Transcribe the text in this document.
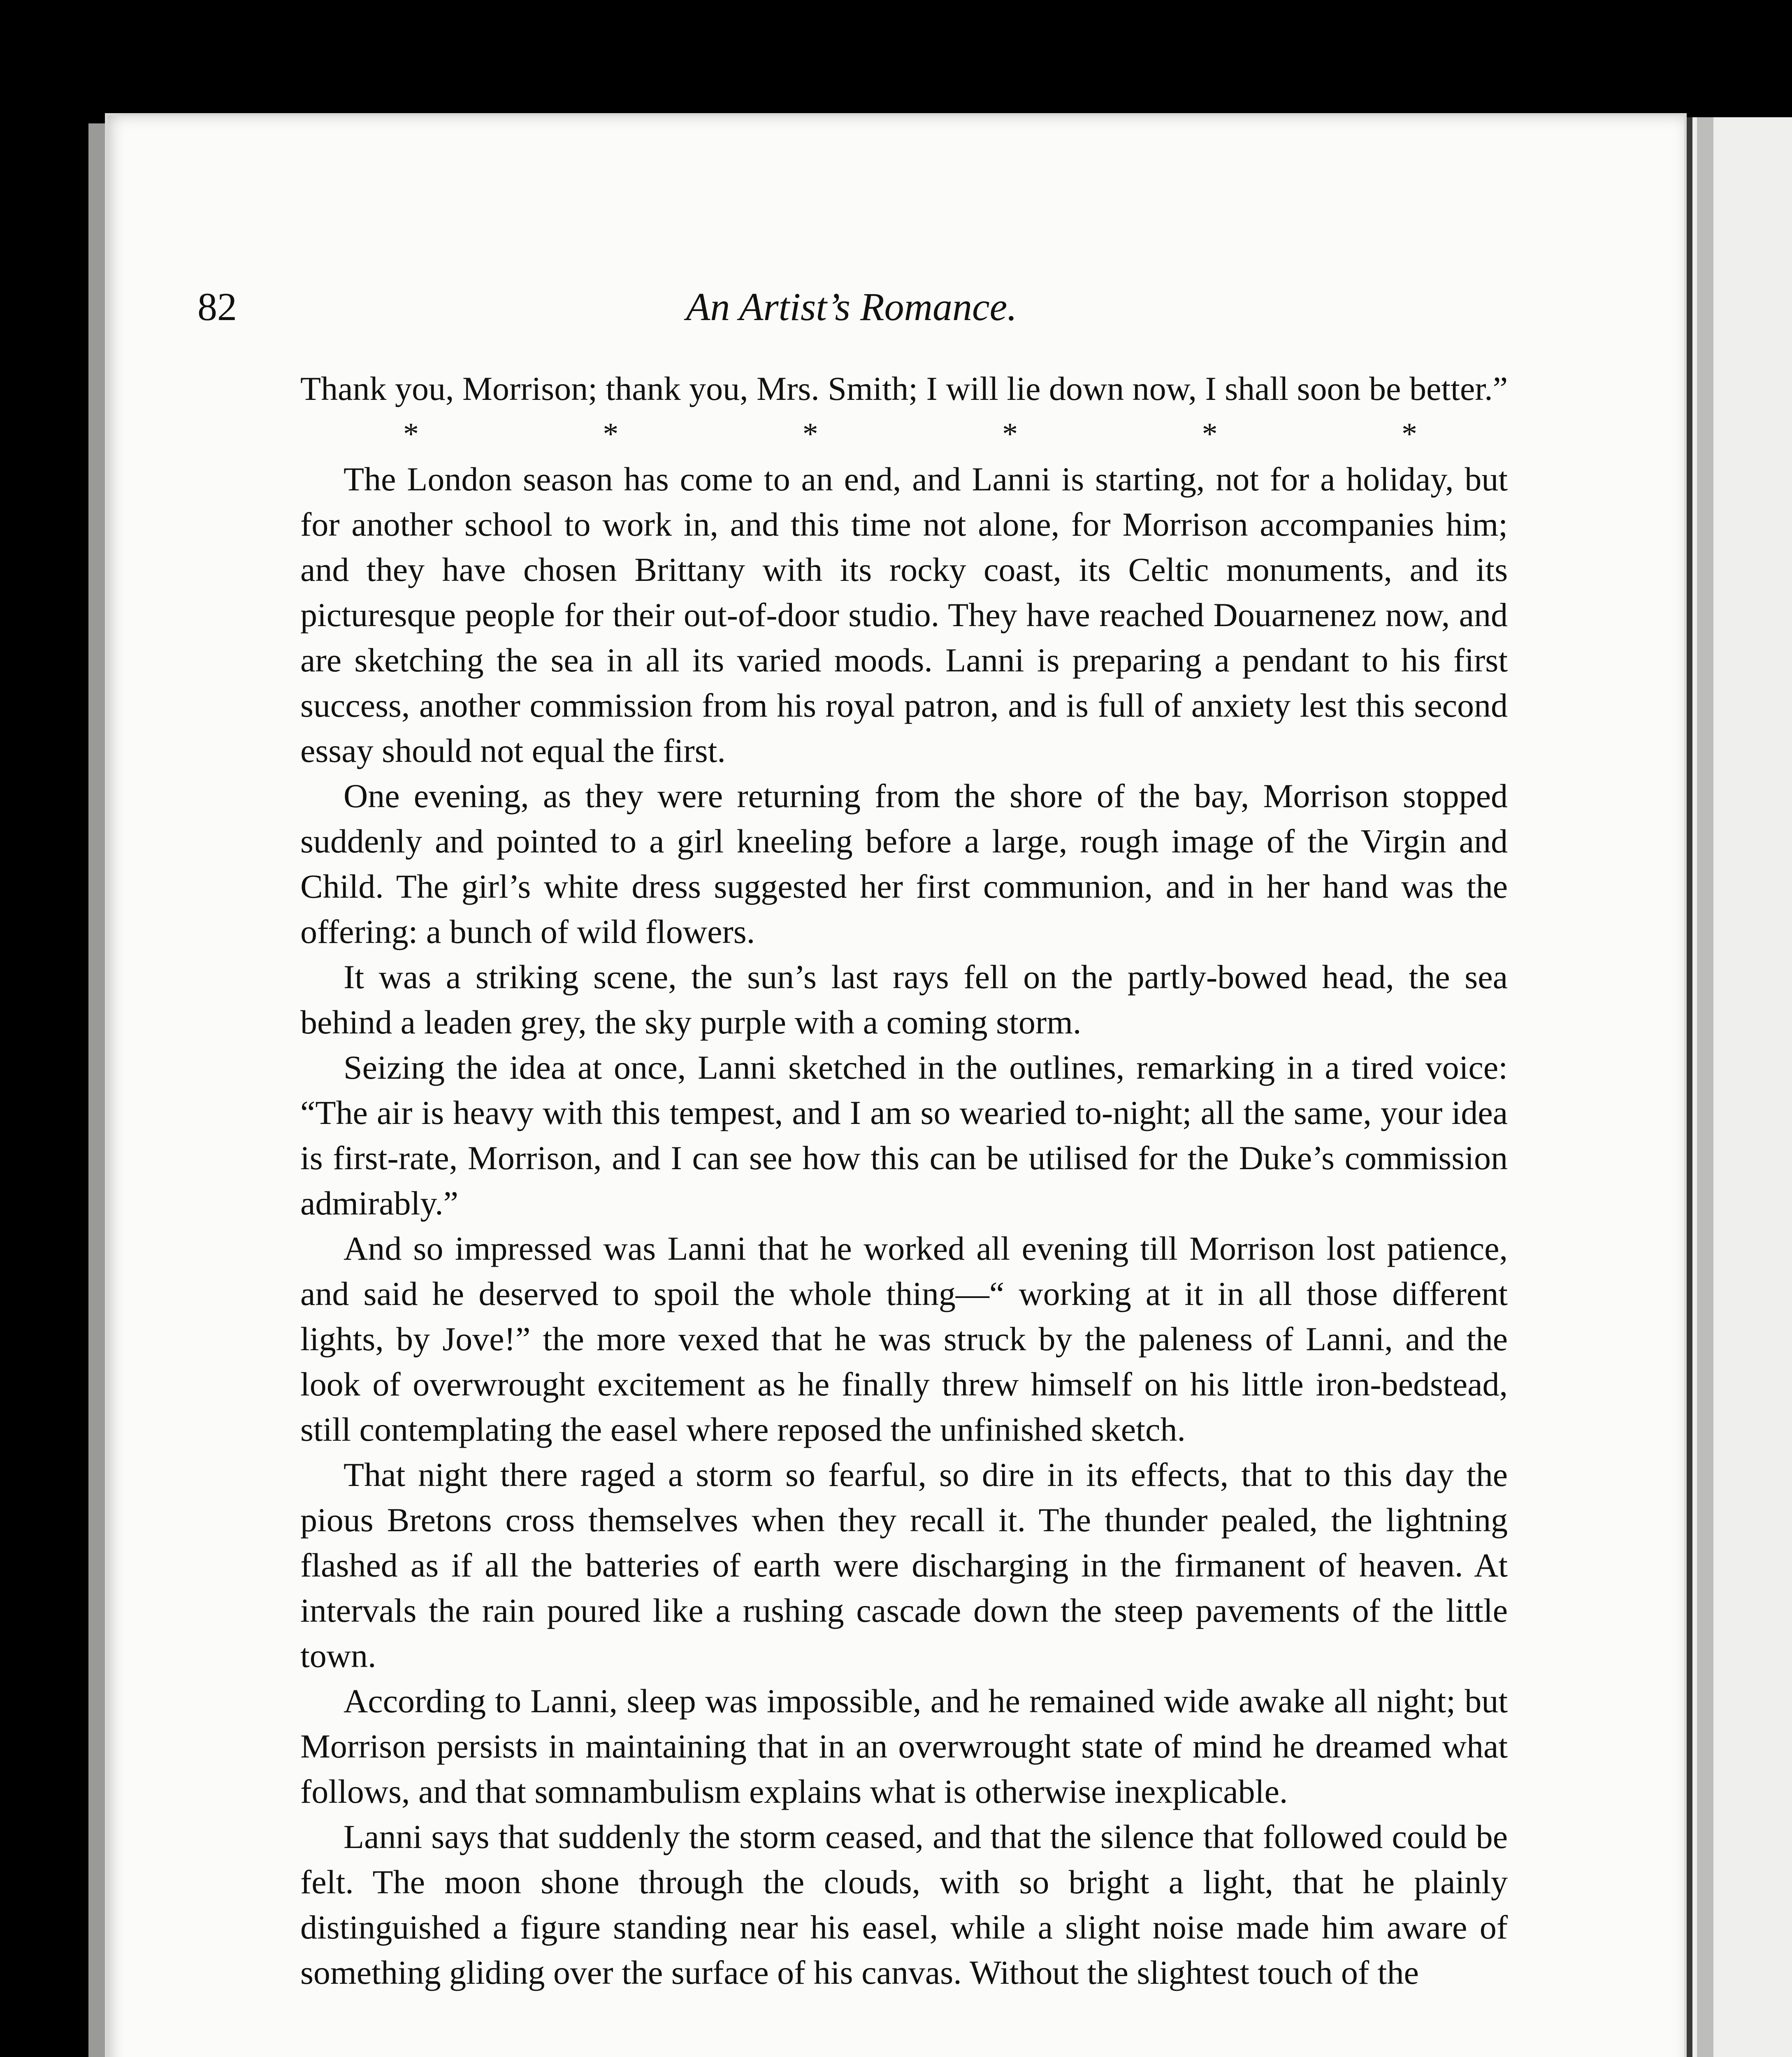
82	An Artist’s Romance.

Thank you, Morrison; thank you, Mrs. Smith; I will lie down now, I shall soon be better.”

*	*	*	*	*	*

The London season has come to an end, and Lanni is starting, not for a holiday, but for another school to work in, and this time not alone, for Morrison accompanies him; and they have chosen Brittany with its rocky coast, its Celtic monuments, and its picturesque people for their out-of-door studio. They have reached Douarnenez now, and are sketching the sea in all its varied moods. Lanni is preparing a pendant to his first success, another commission from his royal patron, and is full of anxiety lest this second essay should not equal the first.

One evening, as they were returning from the shore of the bay, Morrison stopped suddenly and pointed to a girl kneeling before a large, rough image of the Virgin and Child. The girl’s white dress suggested her first communion, and in her hand was the offering: a bunch of wild flowers.

It was a striking scene, the sun’s last rays fell on the partly-bowed head, the sea behind a leaden grey, the sky purple with a coming storm.

Seizing the idea at once, Lanni sketched in the outlines, remarking in a tired voice: “The air is heavy with this tempest, and I am so wearied to-night; all the same, your idea is first-rate, Morrison, and I can see how this can be utilised for the Duke’s commission admirably.”

And so impressed was Lanni that he worked all evening till Morrison lost patience, and said he deserved to spoil the whole thing—“ working at it in all those different lights, by Jove!” the more vexed that he was struck by the paleness of Lanni, and the look of overwrought excitement as he finally threw himself on his little iron-bedstead, still contemplating the easel where reposed the unfinished sketch.

That night there raged a storm so fearful, so dire in its effects, that to this day the pious Bretons cross themselves when they recall it. The thunder pealed, the lightning flashed as if all the batteries of earth were discharging in the firmanent of heaven. At intervals the rain poured like a rushing cascade down the steep pavements of the little town.

According to Lanni, sleep was impossible, and he remained wide awake all night; but Morrison persists in maintaining that in an overwrought state of mind he dreamed what follows, and that somnambulism explains what is otherwise inexplicable.

Lanni says that suddenly the storm ceased, and that the silence that followed could be felt. The moon shone through the clouds, with so bright a light, that he plainly distinguished a figure standing near his easel, while a slight noise made him aware of something gliding over the surface of his canvas. Without the slightest touch of the
